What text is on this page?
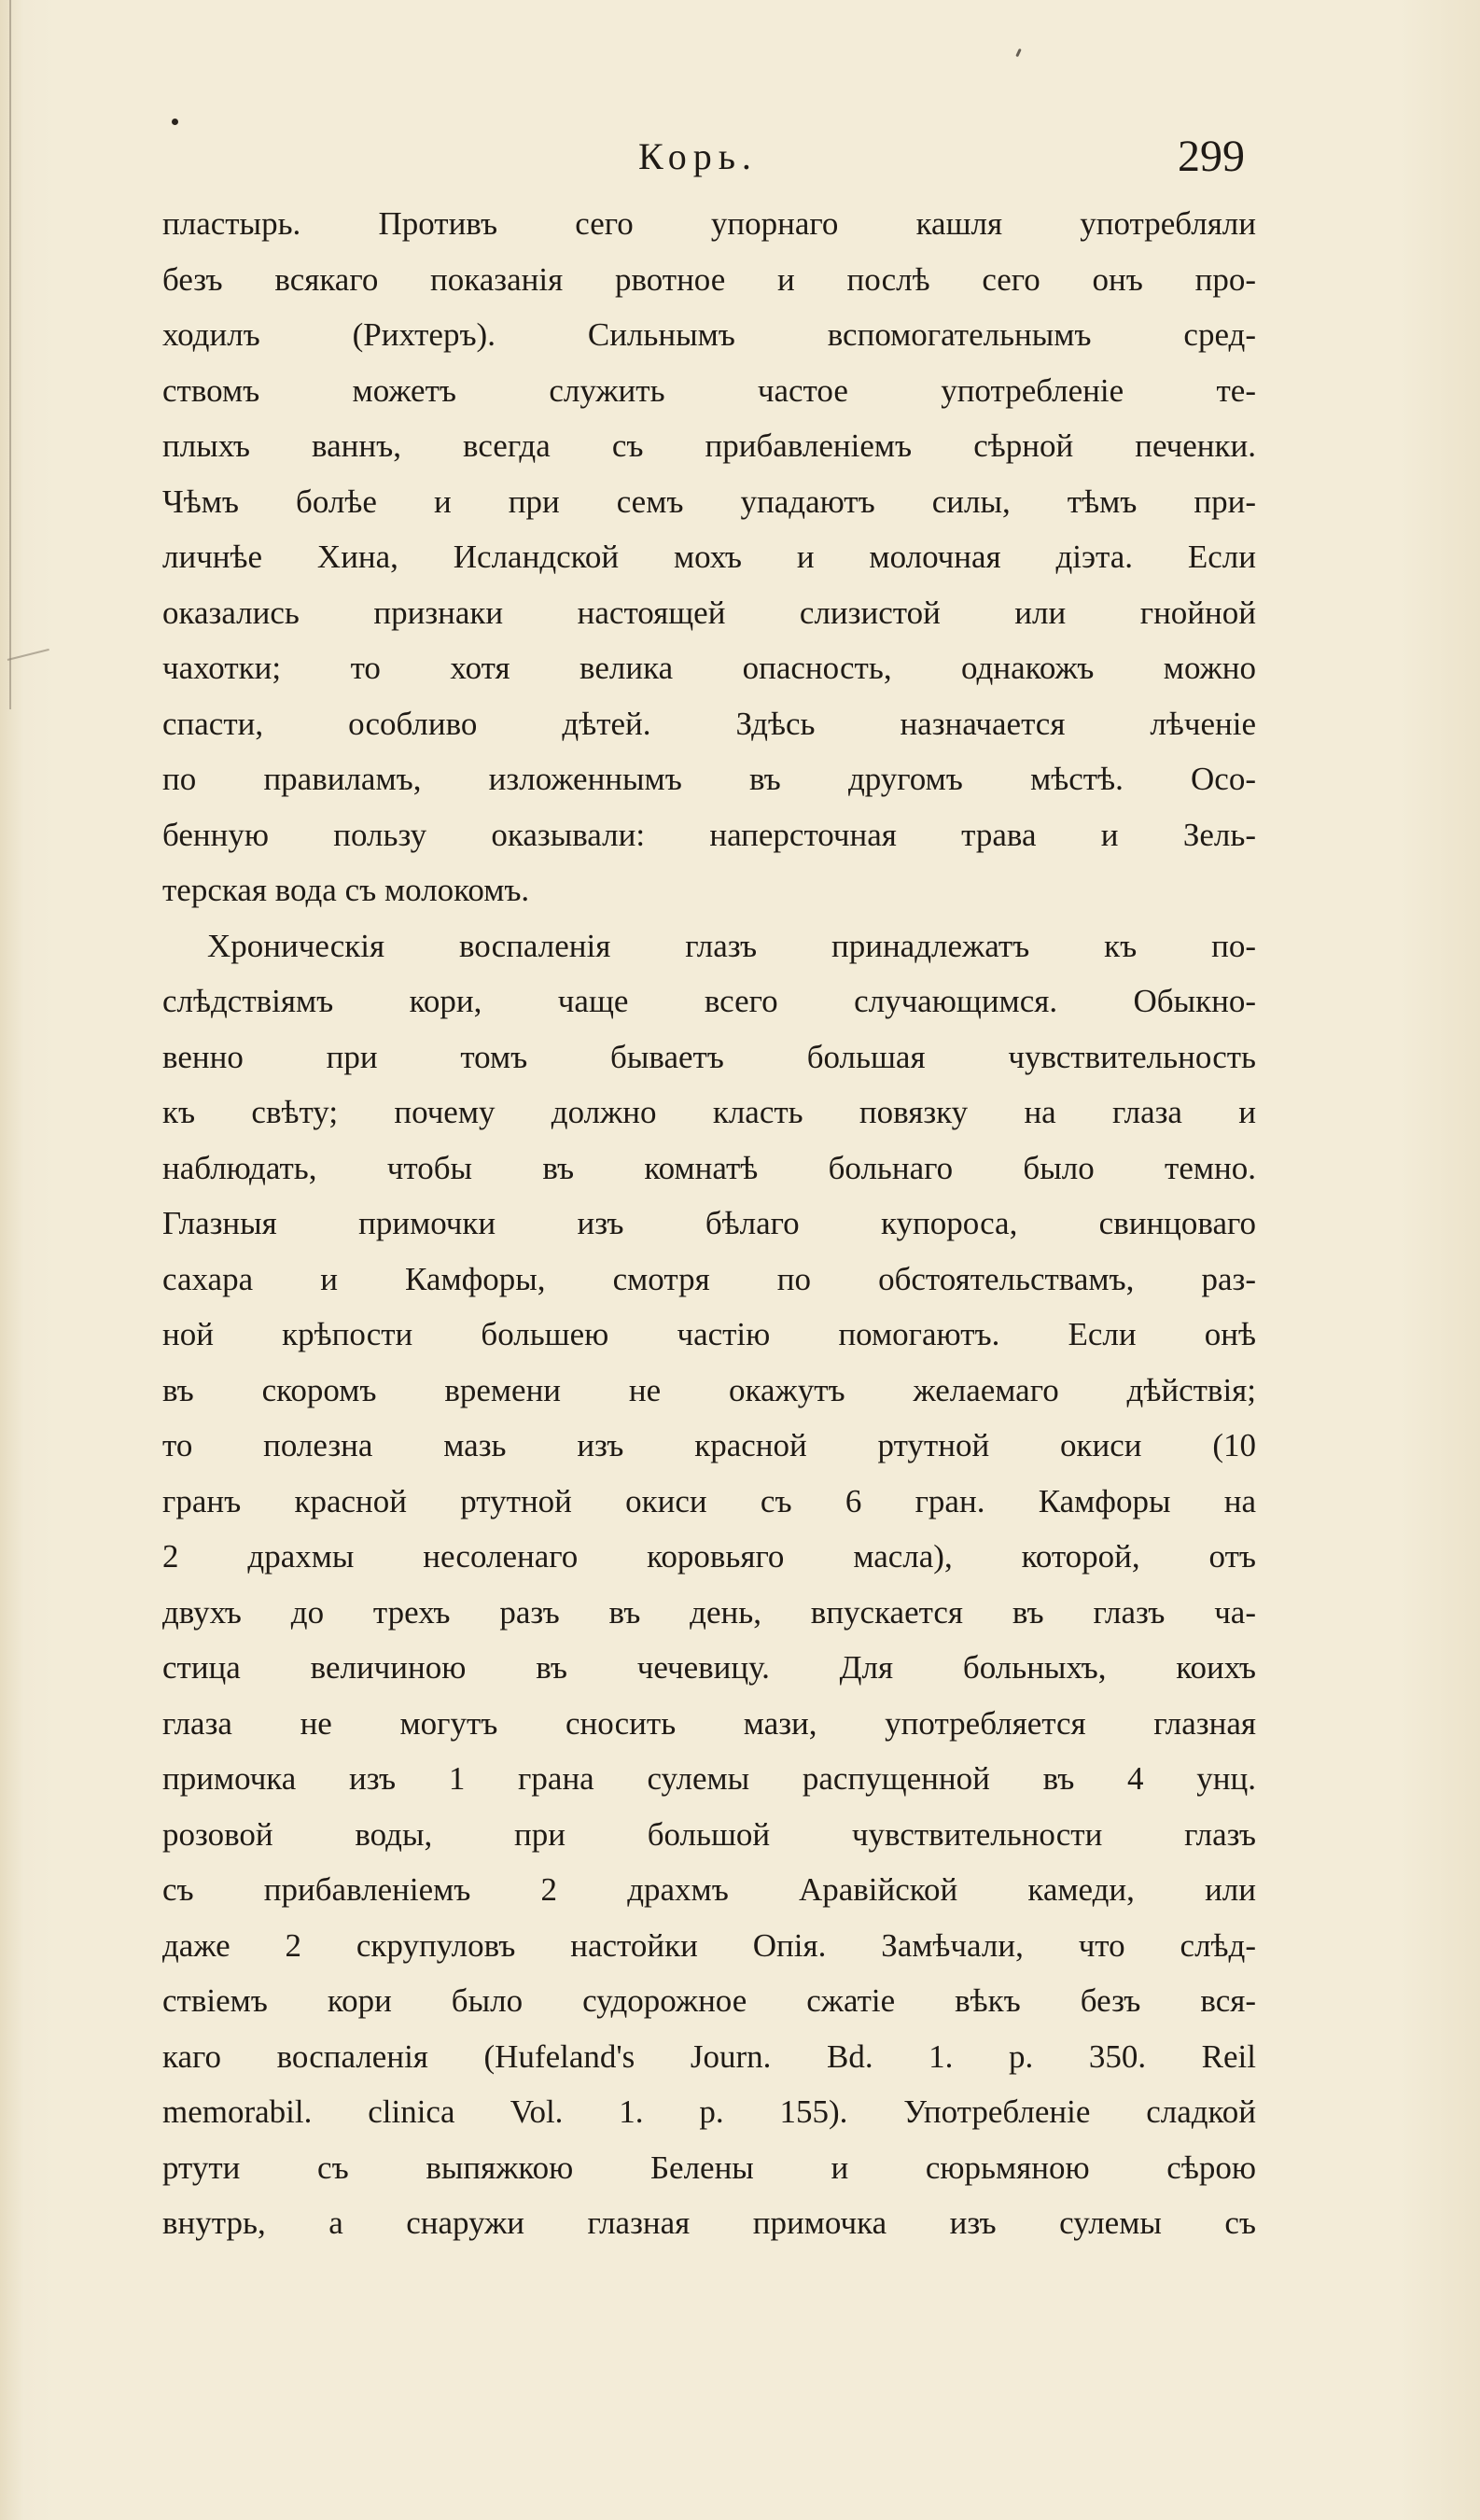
Корь.	299
пластырь. Противъ сего упорнаго кашля употребляли
безъ всякаго показанія рвотное и послѣ сего онъ про-
ходилъ (Рихтеръ). Сильнымъ вспомогательнымъ сред-
ствомъ можетъ служить частое употребленіе те-
плыхъ ваннъ, всегда съ прибавленіемъ сѣрной печенки.
Чѣмъ болѣе и при семъ упадаютъ силы, тѣмъ при-
личнѣе Хина, Исландской мохъ и молочная діэта. Если
оказались признаки настоящей слизистой или гнойной
чахотки; то хотя велика опасность, однакожъ можно
спасти, особливо дѣтей. Здѣсь назначается лѣченіе
по правиламъ, изложеннымъ въ другомъ мѣстѣ. Осо-
бенную пользу оказывали: наперсточная трава и Зель-
терская вода съ молокомъ.
Хроническія воспаленія глазъ принадлежатъ къ по-
слѣдствіямъ кори, чаще всего случающимся. Обыкно-
венно при томъ бываетъ большая чувствительность
къ свѣту; почему должно класть повязку на глаза и
наблюдать, чтобы въ комнатѣ больнаго было темно.
Глазныя примочки изъ бѣлаго купороса, свинцоваго
сахара и Камфоры, смотря по обстоятельствамъ, раз-
ной крѣпости большею частію помогаютъ. Если онѣ
въ скоромъ времени не окажутъ желаемаго дѣйствія;
то полезна мазь изъ красной ртутной окиси (10
гранъ красной ртутной окиси съ 6 гран. Камфоры на
2 драхмы несоленаго коровьяго масла), которой, отъ
двухъ до трехъ разъ въ день, впускается въ глазъ ча-
стица величиною въ чечевицу. Для больныхъ, коихъ
глаза не могутъ сносить мази, употребляется глазная
примочка изъ 1 грана сулемы распущенной въ 4 унц.
розовой воды, при большой чувствительности глазъ
съ прибавленіемъ 2 драхмъ Аравійской камеди, или
даже 2 скрупуловъ настойки Опія. Замѣчали, что слѣд-
ствіемъ кори было судорожное сжатіе вѣкъ безъ вся-
каго воспаленія (Hufeland's Journ. Bd. 1. p. 350. Reil
memorabil. clinica Vol. 1. p. 155). Употребленіе сладкой
ртути съ выпяжкою Белены и сюрьмяною сѣрою
внутрь, а снаружи глазная примочка изъ сулемы съ
